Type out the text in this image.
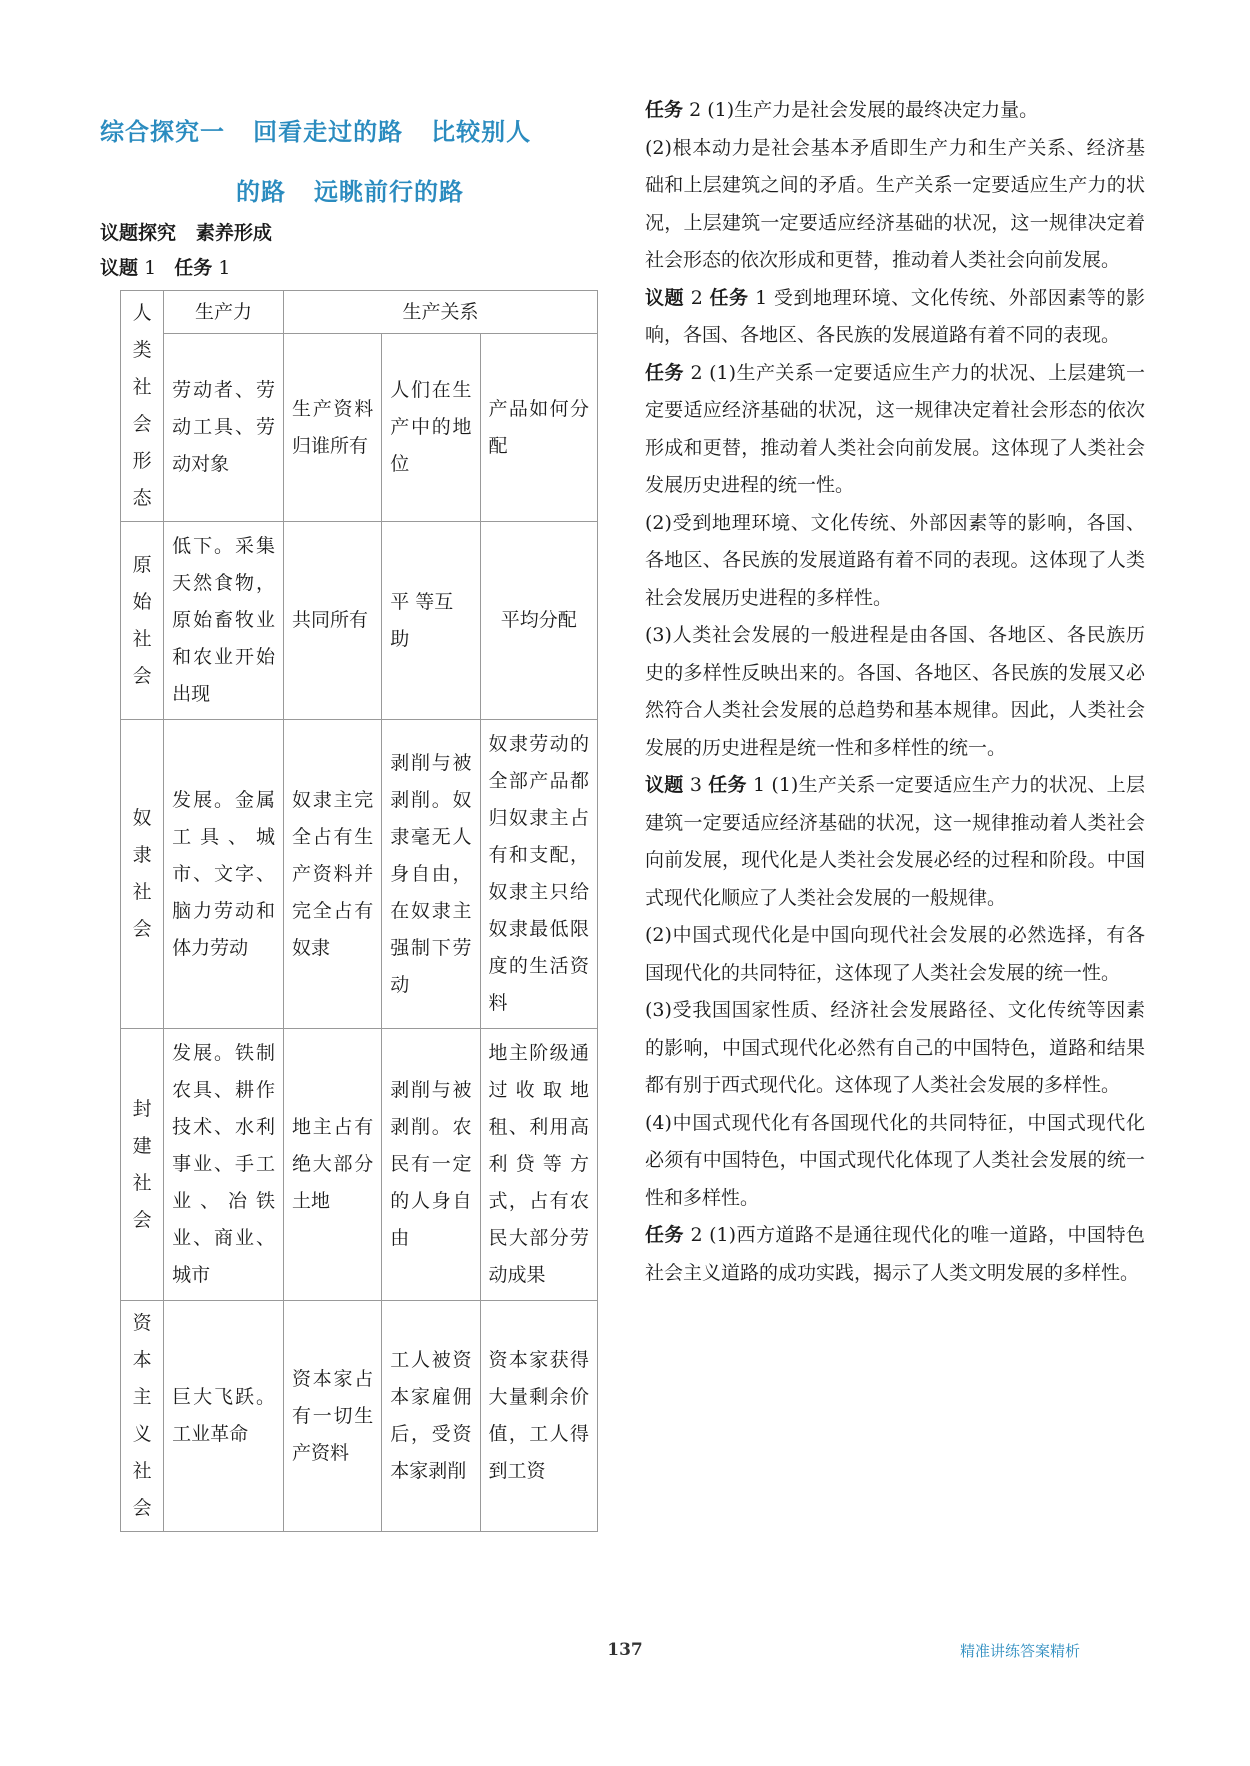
综合探究一   回看走过的路   比较别人
的路   远眺前行的路
议题探究   素养形成
议题 1 任务 1
人类社会形态	生产力	生产关系		
	劳动者、劳动工具、劳动对象	生产资料归谁所有	人们在生产中的地位	产品如何分配
原始社会	低下。采集天然食物，原始畜牧业和农业开始出现	共同所有	平 等互助	平均分配
奴隶社会	发展。金属工具、城市、文字、脑力劳动和体力劳动	奴隶主完全占有生产资料并完全占有奴隶	剥削与被剥削。奴隶毫无人身自由，在奴隶主强制下劳动	奴隶劳动的全部产品都归奴隶主占有和支配，奴隶主只给奴隶最低限度的生活资料
封建社会	发展。铁制农具、耕作技术、水利事业、手工业、冶铁业、商业、城市	地主占有绝大部分土地	剥削与被剥削。农民有一定的人身自由	地主阶级通过收取地租、利用高利贷等方式，占有农民大部分劳动成果
资本主义社会	巨大飞跃。工业革命	资本家占有一切生产资料	工人被资本家雇佣后，受资本家剥削	资本家获得大量剩余价值，工人得到工资

任务 2 (1)生产力是社会发展的最终决定力量。

(2)根本动力是社会基本矛盾即生产力和生产关系、经济基础和上层建筑之间的矛盾。生产关系一定要适应生产力的状况，上层建筑一定要适应经济基础的状况，这一规律决定着社会形态的依次形成和更替，推动着人类社会向前发展。

议题 2 任务 1 受到地理环境、文化传统、外部因素等的影响，各国、各地区、各民族的发展道路有着不同的表现。

任务 2 (1)生产关系一定要适应生产力的状况、上层建筑一定要适应经济基础的状况，这一规律决定着社会形态的依次形成和更替，推动着人类社会向前发展。这体现了人类社会发展历史进程的统一性。

(2)受到地理环境、文化传统、外部因素等的影响，各国、各地区、各民族的发展道路有着不同的表现。这体现了人类社会发展历史进程的多样性。

(3)人类社会发展的一般进程是由各国、各地区、各民族历史的多样性反映出来的。各国、各地区、各民族的发展又必然符合人类社会发展的总趋势和基本规律。因此，人类社会发展的历史进程是统一性和多样性的统一。

议题 3 任务 1 (1)生产关系一定要适应生产力的状况、上层建筑一定要适应经济基础的状况，这一规律推动着人类社会向前发展，现代化是人类社会发展必经的过程和阶段。中国式现代化顺应了人类社会发展的一般规律。

(2)中国式现代化是中国向现代社会发展的必然选择，有各国现代化的共同特征，这体现了人类社会发展的统一性。

(3)受我国国家性质、经济社会发展路径、文化传统等因素的影响，中国式现代化必然有自己的中国特色，道路和结果都有别于西式现代化。这体现了人类社会发展的多样性。

(4)中国式现代化有各国现代化的共同特征，中国式现代化必须有中国特色，中国式现代化体现了人类社会发展的统一性和多样性。

任务 2 (1)西方道路不是通往现代化的唯一道路，中国特色社会主义道路的成功实践，揭示了人类文明发展的多样性。

137	精准讲练答案精析
